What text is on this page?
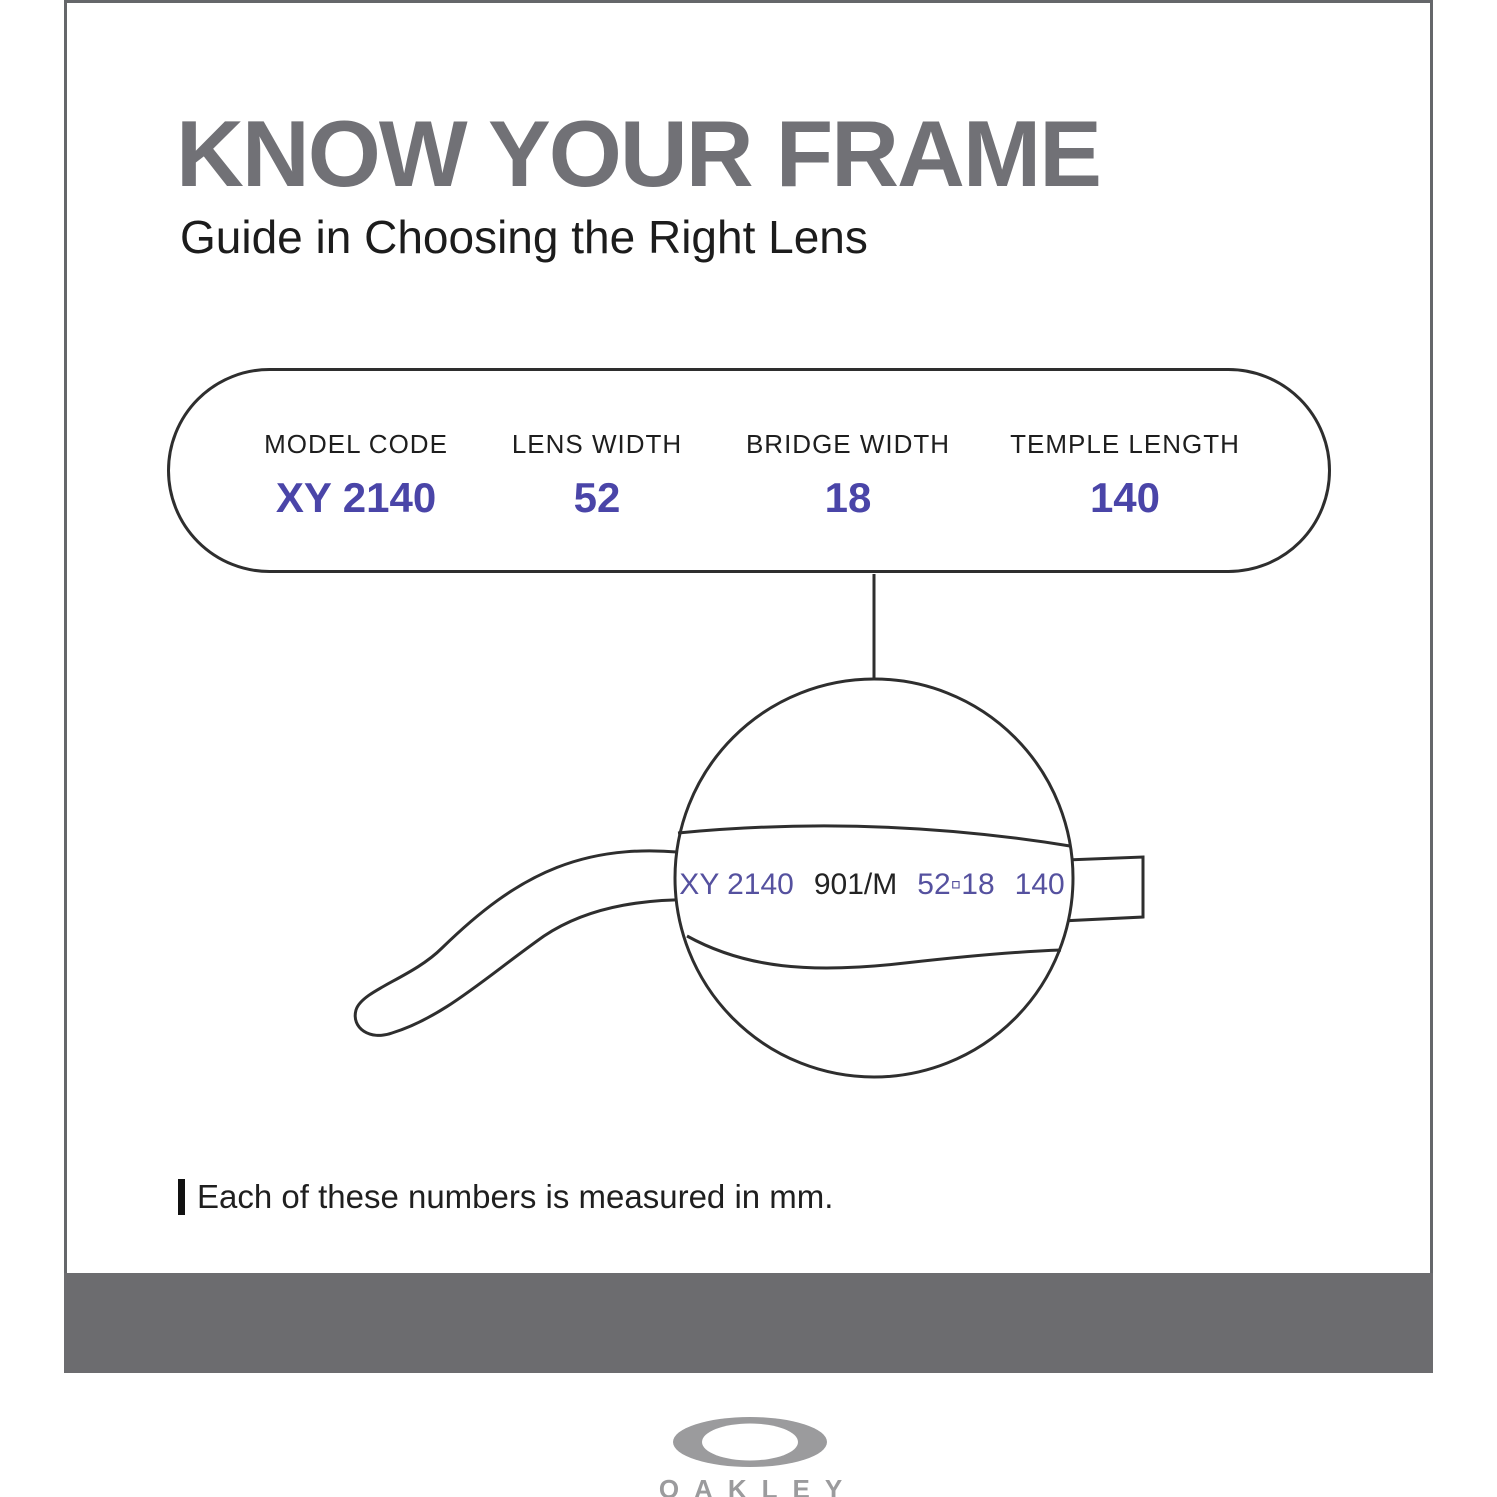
KNOW YOUR FRAME
Guide in Choosing the Right Lens
MODEL CODE
XY 2140
LENS WIDTH
52
BRIDGE WIDTH
18
TEMPLE LENGTH
140
XY 2140 901/M 52▫18 140
Each of these numbers is measured in mm.
OAKLEY
